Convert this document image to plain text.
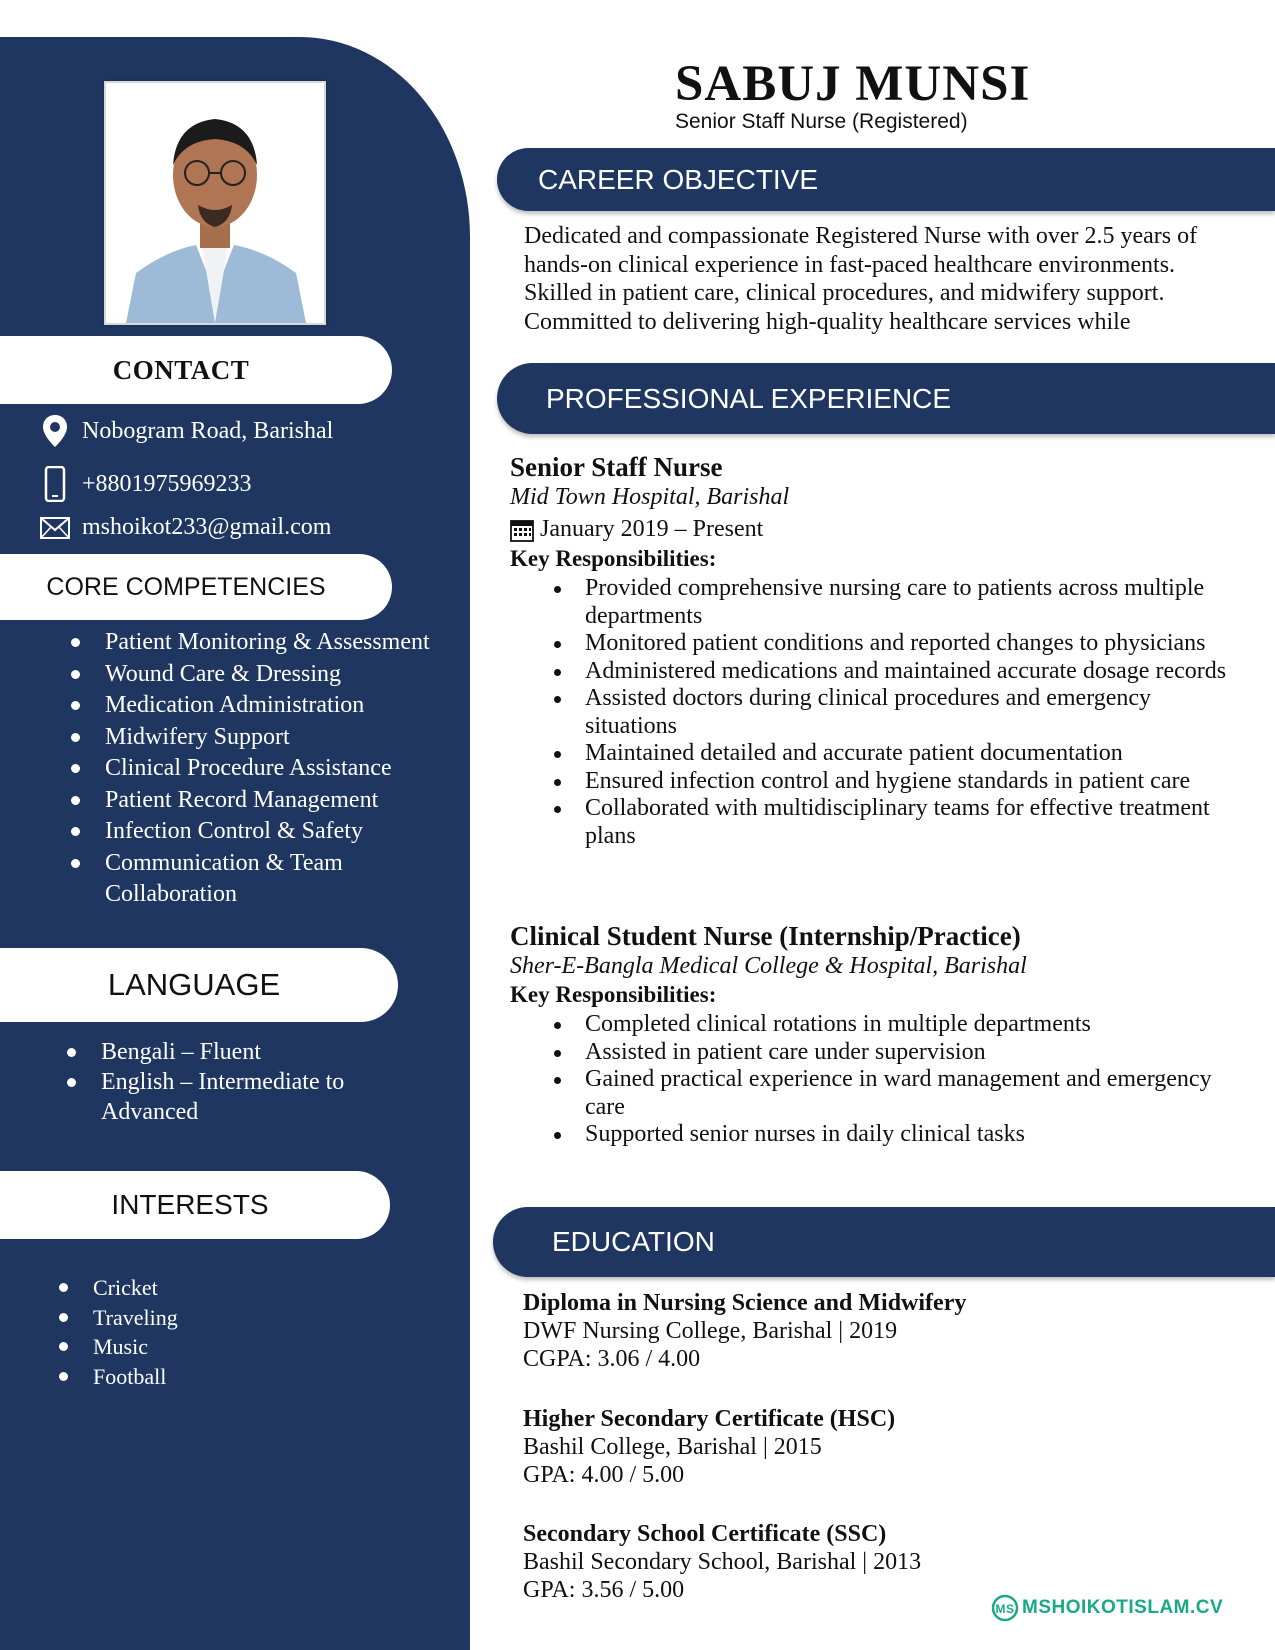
CONTACT
Nobogram Road, Barishal
+8801975969233
mshoikot233@gmail.com
CORE COMPETENCIES
Patient Monitoring & Assessment
Wound Care & Dressing
Medication Administration
Midwifery Support
Clinical Procedure Assistance
Patient Record Management
Infection Control & Safety
Communication & Team Collaboration
LANGUAGE
Bengali – Fluent
English – Intermediate to Advanced
INTERESTS
Cricket
Traveling
Music
Football
SABUJ MUNSI
Senior Staff Nurse (Registered)
CAREER OBJECTIVE
Dedicated and compassionate Registered Nurse with over 2.5 years of hands-on clinical experience in fast-paced healthcare environments. Skilled in patient care, clinical procedures, and midwifery support. Committed to delivering high-quality healthcare services while
PROFESSIONAL EXPERIENCE
Senior Staff Nurse
Mid Town Hospital, Barishal
January 2019 – Present
Key Responsibilities:
Provided comprehensive nursing care to patients across multiple departments
Monitored patient conditions and reported changes to physicians
Administered medications and maintained accurate dosage records
Assisted doctors during clinical procedures and emergency situations
Maintained detailed and accurate patient documentation
Ensured infection control and hygiene standards in patient care
Collaborated with multidisciplinary teams for effective treatment plans
Clinical Student Nurse (Internship/Practice)
Sher-E-Bangla Medical College & Hospital, Barishal
Key Responsibilities:
Completed clinical rotations in multiple departments
Assisted in patient care under supervision
Gained practical experience in ward management and emergency care
Supported senior nurses in daily clinical tasks
EDUCATION
Diploma in Nursing Science and Midwifery
DWF Nursing College, Barishal | 2019
CGPA: 3.06 / 4.00
Higher Secondary Certificate (HSC)
Bashil College, Barishal | 2015
GPA: 4.00 / 5.00
Secondary School Certificate (SSC)
Bashil Secondary School, Barishal | 2013
GPA: 3.56 / 5.00
MS MSHOIKOTISLAM.CV
